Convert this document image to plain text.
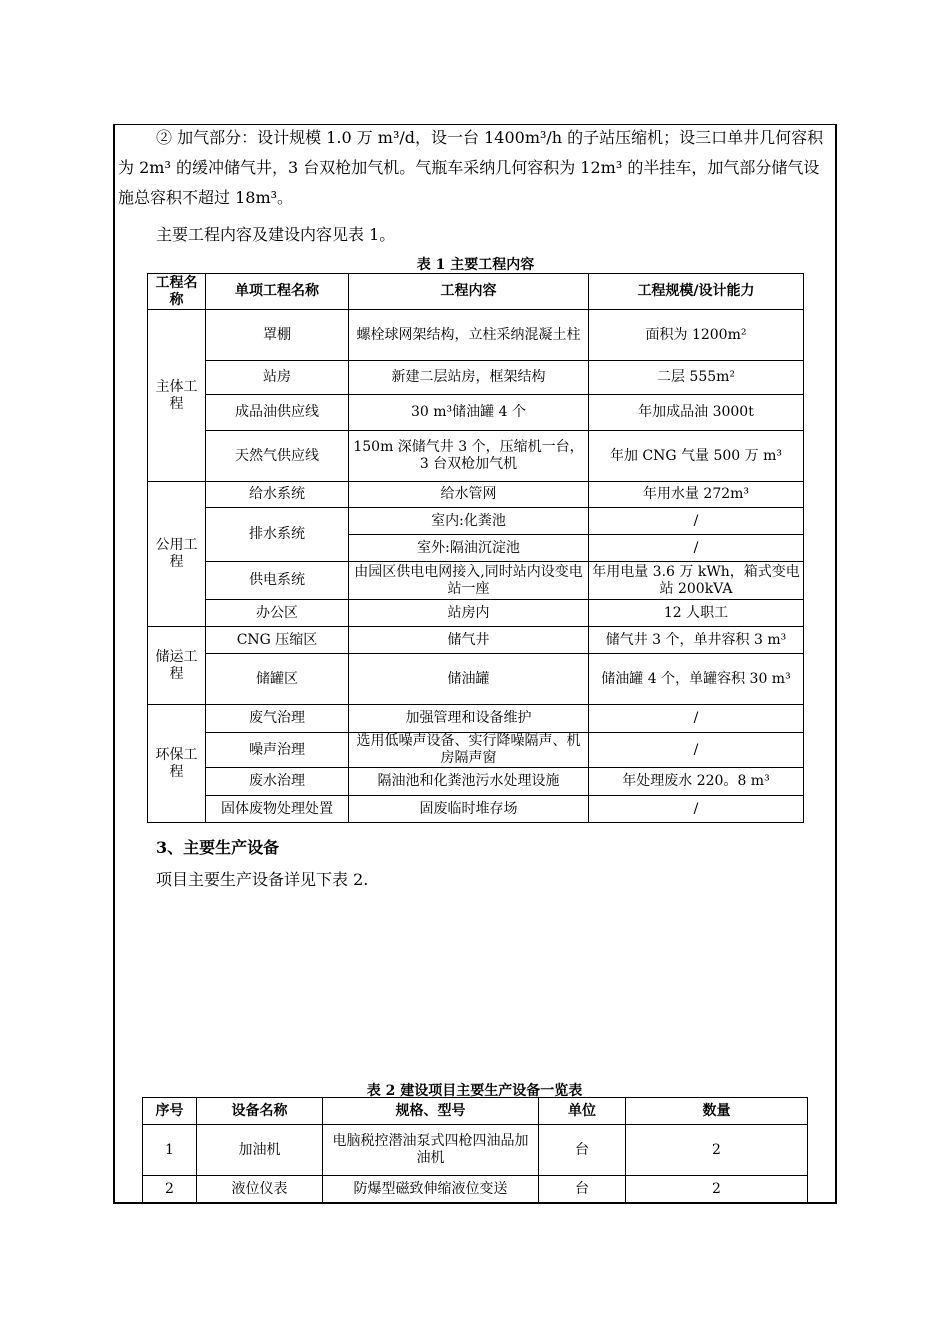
② 加气部分：设计规模 1.0 万 m³/d，设一台 1400m³/h 的子站压缩机；设三口单井几何容积为 2m³ 的缓冲储气井，3 台双枪加气机。气瓶车采纳几何容积为 12m³ 的半挂车，加气部分储气设施总容积不超过 18m³。
主要工程内容及建设内容见表 1。
表 1 主要工程内容
工程名称	单项工程名称	工程内容	工程规模/设计能力
主体工程	罩棚	螺栓球网架结构，立柱采纳混凝土柱	面积为 1200m²
	站房	新建二层站房，框架结构	二层 555m²
	成品油供应线	30 m³储油罐 4 个	年加成品油 3000t
	天然气供应线	150m 深储气井 3 个，压缩机一台，3 台双枪加气机	年加 CNG 气量 500 万 m³
公用工程	给水系统	给水管网	年用水量 272m³
	排水系统	室内:化粪池	/
		室外:隔油沉淀池	/
	供电系统	由园区供电电网接入,同时站内设变电站一座	年用电量 3.6 万 kWh，箱式变电站 200kVA
	办公区	站房内	12 人职工
储运工程	CNG 压缩区	储气井	储气井 3 个，单井容积 3 m³
	储罐区	储油罐	储油罐 4 个，单罐容积 30 m³
环保工程	废气治理	加强管理和设备维护	/
	噪声治理	选用低噪声设备、实行降噪隔声、机房隔声窗	/
	废水治理	隔油池和化粪池污水处理设施	年处理废水 220。8 m³
	固体废物处理处置	固废临时堆存场	/
3、主要生产设备
项目主要生产设备详见下表 2.
表 2 建设项目主要生产设备一览表
序号	设备名称	规格、型号	单位	数量
1	加油机	电脑税控潜油泵式四枪四油品加油机	台	2
2	液位仪表	防爆型磁致伸缩液位变送	台	2
